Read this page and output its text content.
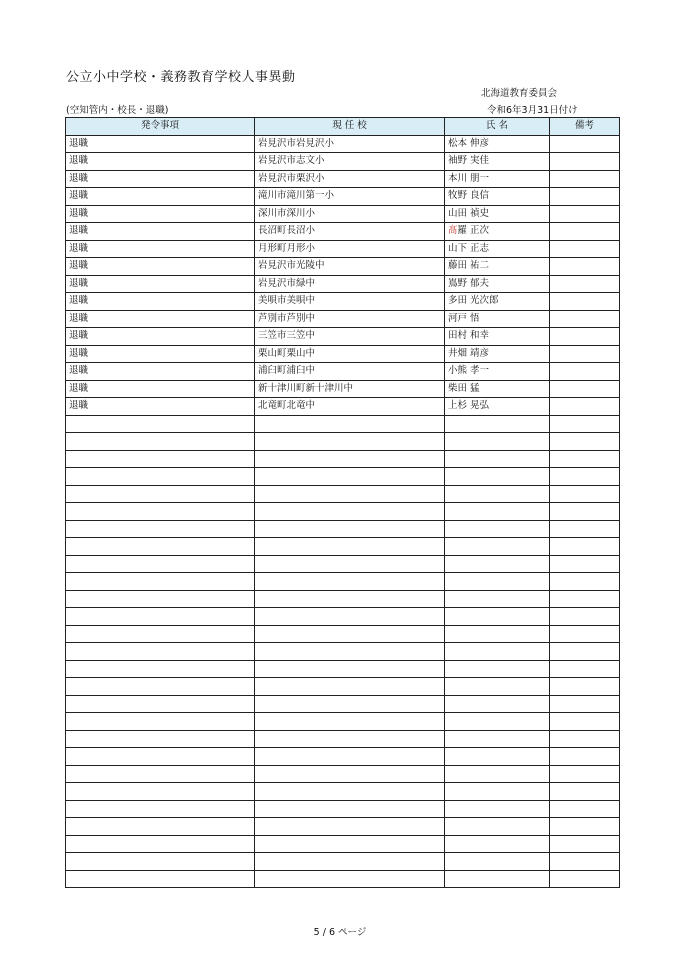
公立小中学校・義務教育学校人事異動
北海道教育委員会
(空知管内・校長・退職)	令和6年3月31日付け
発令事項	現 任 校	氏 名	備考
退職	岩見沢市岩見沢小	松本 伸彦	
退職	岩見沢市志文小	袖野 実佳	
退職	岩見沢市栗沢小	本川 朋一	
退職	滝川市滝川第一小	牧野 良信	
退職	深川市深川小	山田 禎史	
退職	長沼町長沼小	髙羅 正次	
退職	月形町月形小	山下 正志	
退職	岩見沢市光陵中	藤田 祐二	
退職	岩見沢市緑中	嶌野 郁夫	
退職	美唄市美唄中	多田 光次郎	
退職	芦別市芦別中	河戸 悟	
退職	三笠市三笠中	田村 和幸	
退職	栗山町栗山中	井畑 靖彦	
退職	浦臼町浦臼中	小熊 孝一	
退職	新十津川町新十津川中	柴田 猛	
退職	北竜町北竜中	上杉 晃弘	

5 / 6 ページ
